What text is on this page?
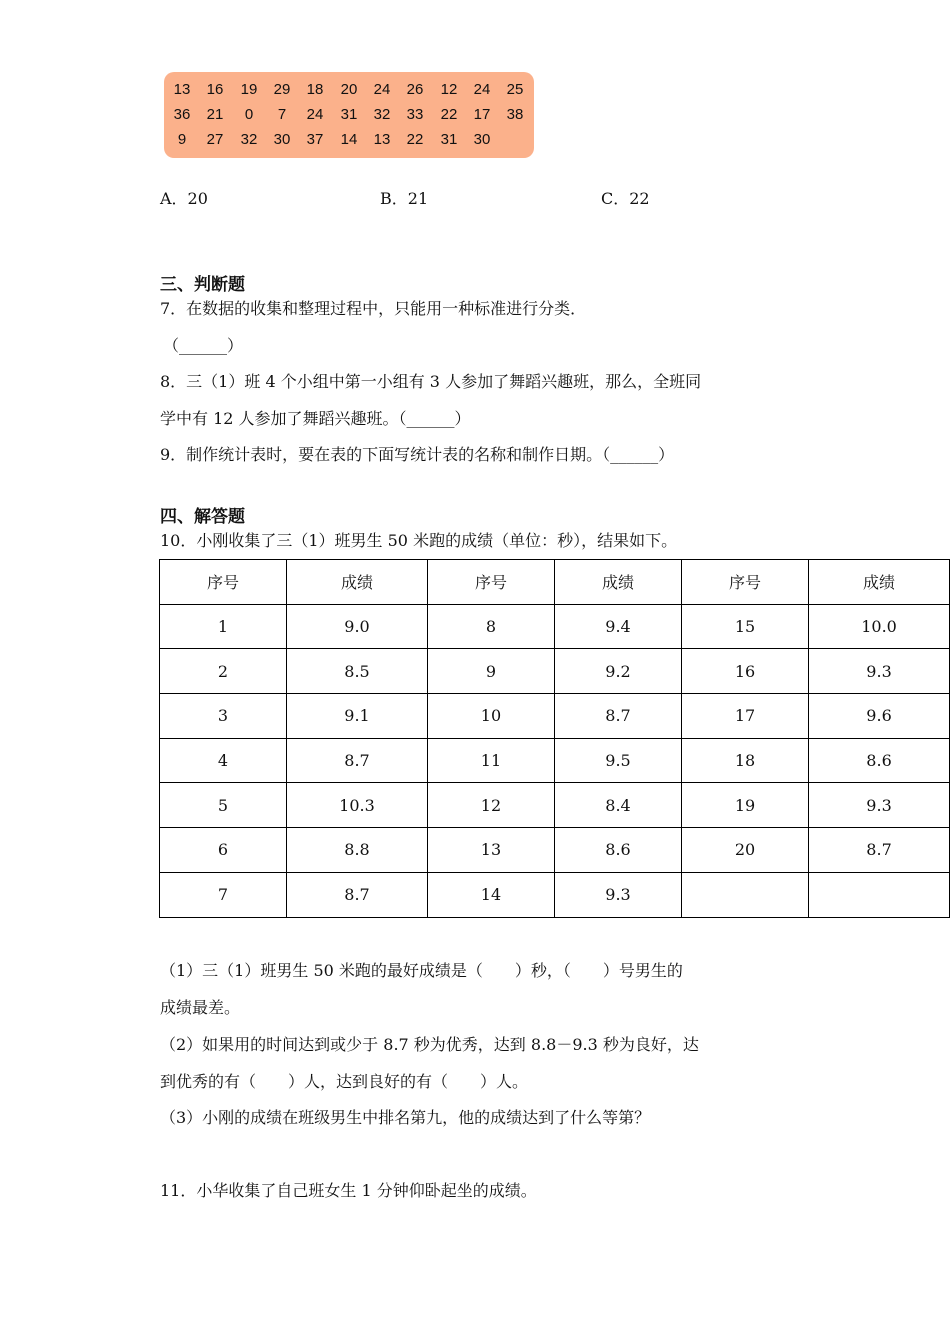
13	16	19	29	18	20	24	26	12	24	25
36	21	0	7	24	31	32	33	22	17	38
9	27	32	30	37	14	13	22	31	30
A．20	B．21	C．22
三、判断题
7．在数据的收集和整理过程中，只能用一种标准进行分类．
（______）
8．三（1）班 4 个小组中第一小组有 3 人参加了舞蹈兴趣班，那么，全班同
学中有 12 人参加了舞蹈兴趣班。（______）
9．制作统计表时，要在表的下面写统计表的名称和制作日期。（______）
四、解答题
10．小刚收集了三（1）班男生 50 米跑的成绩（单位：秒），结果如下。
序号	成绩	序号	成绩	序号	成绩
1	9.0	8	9.4	15	10.0
2	8.5	9	9.2	16	9.3
3	9.1	10	8.7	17	9.6
4	8.7	11	9.5	18	8.6
5	10.3	12	8.4	19	9.3
6	8.8	13	8.6	20	8.7
7	8.7	14	9.3		
（1）三（1）班男生 50 米跑的最好成绩是（　　）秒，（　　）号男生的
成绩最差。
（2）如果用的时间达到或少于 8.7 秒为优秀，达到 8.8－9.3 秒为良好，达
到优秀的有（　　）人，达到良好的有（　　）人。
（3）小刚的成绩在班级男生中排名第九，他的成绩达到了什么等第？
11．小华收集了自己班女生 1 分钟仰卧起坐的成绩。
